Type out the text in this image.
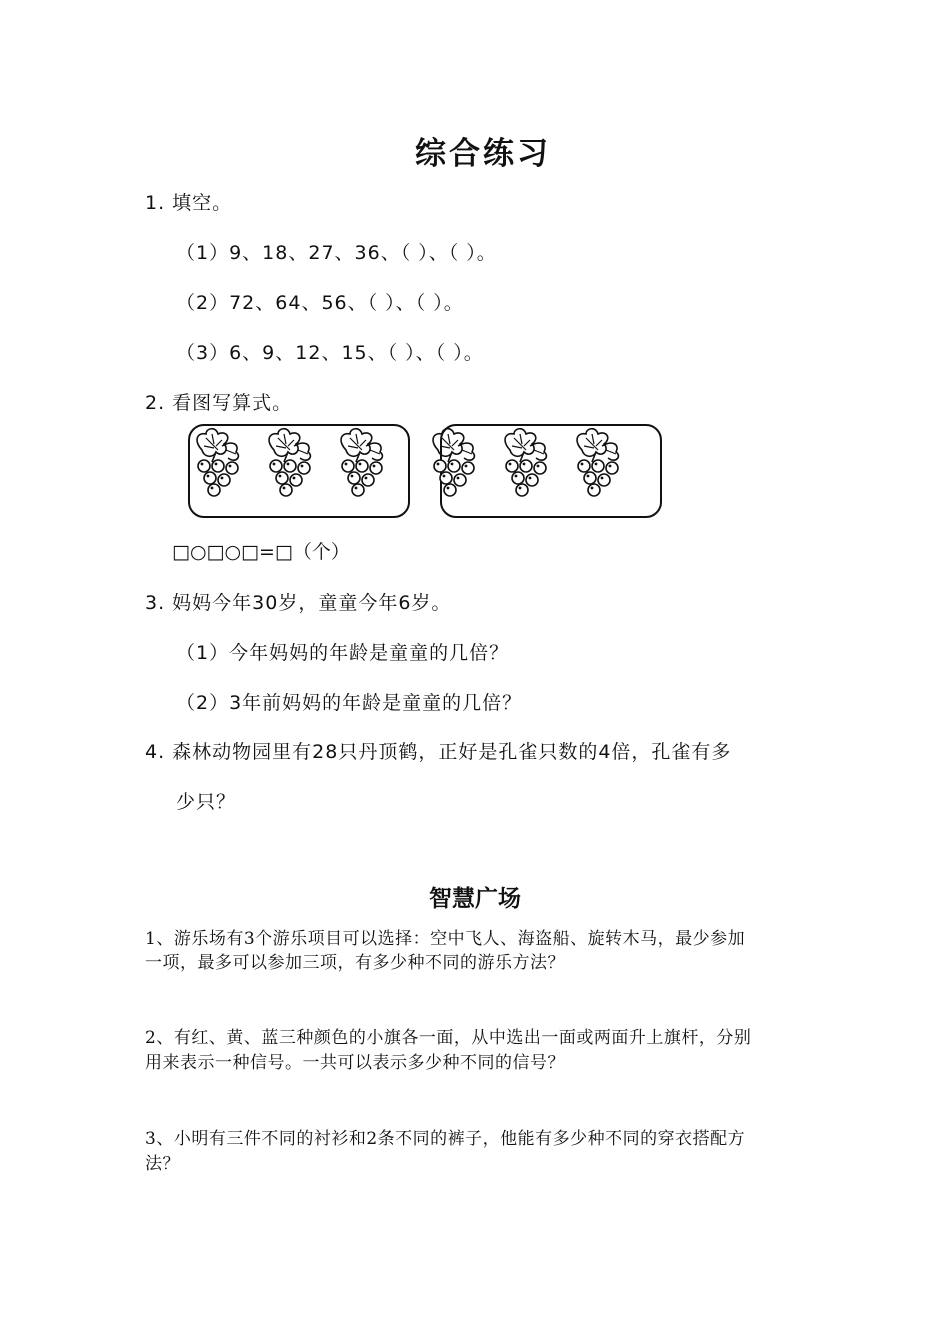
综合练习
1. 填空。
（1）9、18、27、36、（ ）、（ ）。
（2）72、64、56、（ ）、（ ）。
（3）6、9、12、15、（ ）、（ ）。
2. 看图写算式。
□○□○□=□（个）
3. 妈妈今年30岁，童童今年6岁。
（1）今年妈妈的年龄是童童的几倍？
（2）3年前妈妈的年龄是童童的几倍？
4. 森林动物园里有28只丹顶鹤，正好是孔雀只数的4倍，孔雀有多
少只？
智慧广场
1、游乐场有3个游乐项目可以选择：空中飞人、海盗船、旋转木马，最少参加
一项，最多可以参加三项，有多少种不同的游乐方法？
2、有红、黄、蓝三种颜色的小旗各一面，从中选出一面或两面升上旗杆，分别
用来表示一种信号。一共可以表示多少种不同的信号？
3、小明有三件不同的衬衫和2条不同的裤子，他能有多少种不同的穿衣搭配方
法？
